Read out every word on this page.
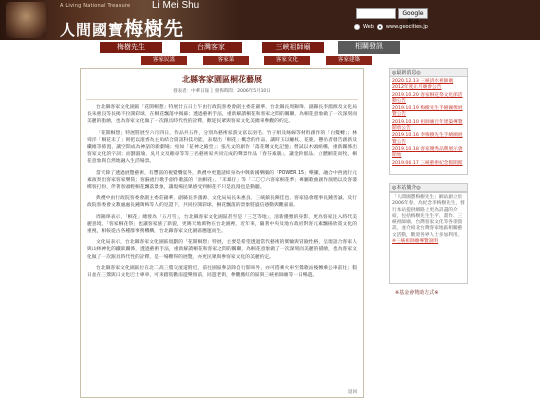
A Living National Treasure Li Mei Shu
人間國寶梅樹先
Google 搜尋
Web www.geocities.jp
梅樹先生	台灣客家	三峽祖師廟	相關發訊
客家民謠	客家菜	客家文化	客家建築
北縣客家園區桐花藝展
發表者：中華日報 │ 發佈時間：2006年5月10日

台北縣客家文化園區「花開桐想」特展廿五日上午由行政院客委會副主委莊錦華、台北縣長周錫瑋、副縣長李鴻源及文化局長朱惠良等長揭不拉開彩球，在桐花飄落中揭幕；透過藝術手法，重新解讀桐花和客家之間的關聯，為桐花意象做了一次深刻而美麗的脂繪，也為客家文化做了一次跟具時代性的詮釋，歡迎民眾與客家文化美總來參觀的約定。

「花開桐想」特展將展至六月四日，作品共五件，分別為藝術家游文富以羽毛、竹子組及絲線等材料創作的「白髮轉」；林舜洋「桐花未了」則把以滾香為主角結合資訊科技功能，表現出「桐花」概念的作品，讓時玉以蠟杖、花鹿、懸吊者發告創新及纖維等佈置，讓空間成為神話的新劇場；宛如「花神之殿堂」；張凡文的創作「落花曙文化記憶」營試以木頭組構，重新關係出客家文化的字詞；而劉淑瑜、吳月文及賴尋等等三名藝術家共同完成的聲景作品「春芬素鵑」，讓金鈴群品、立體網花而牧，桐花意象與自然地融入生活場景。

當天除了透過展覽藝術，有豐富的視覺饗宴外，典禮中更邀請結身為中興新國樂團的「POWER 15」樂團，融合中西流行元素演奏出客家客家樂筒；客蘇流行歌手創作歌謠的「油桐花」、「禾暴仔」等「二〇〇六客家桐花季」專屬歌曲創作演唱以及客婆綁客打扮，伴著客頭輕桐花飄落景象，讓現場民眾感受到桐花不只是浪漫也是動聽。

典禮中由行政院客委會副主委莊錦華、副縣長李鴻源、文化局局長朱惠良、三峽鎮長陳佳也、客家協會理事長鍾善誠、及行政院客委會文教處處長鍾萬梅等人的見證下，共同拉開彩球，桐花飄落的景象將盛信感動與觀嘉嘉。

周錫瑋表示，「桐花」總發為「五月雪」，台北縣客家文化園區甚至是「三芝等地」，清新優雅的身影，更為客家注入時代美麗意境，「客家桐花祭」也讓客家族了新貌，更賜天地萬物在台北園裡，近年來，隨著中央及地方政府對客元素飄揚欣賞文化的重視，相較從古各種群事務機構，台北縣客家文化園區應運而生。

文化局表示，台北縣客家文化園區規劃的「花開桐想」特展，主要是希望透過當代藝術的實驗與冒險性格，呈現語合客家人與山林神化的鐵欽關係，透過藝術手法，重新解讀桐花和客家之間的關聯，為桐花意象做了一次深刻而美麗的描繪，也為客家文化做了一次跟具時代性的詮釋，是一場難得的展覽，亦更民眾與參客家文化的美麗約定。

台北縣客家文化園區位在北二高三鶯交流道附近，前往園區參訪除自行開車外，亦可搭乘火車至鶯歌站後轉乘公車前往；假日並在三鶯與日文化巴士專車，可來踏賞歡南遊樂預前，同遊老街，參觀搬紅的區與三峽祖師廟等一日暢遊。

返回
◎最新消息◎
2020.12.13 三峽清水祖師廟 2012年度正月廟會公告
2019.10.20 客家桐花祭文化節活動公告
2019.10.19 梅樹先生手繪圖像展覽公告
2019.10.10 祖師廟百年建築導覽開放公告
2019.10.16 李梅樹先生手繪圖展覽公告
2019.10.18 客家優秀品牌展示會開始
2019.06.17 三峽藝術紀念館開館
◎本站簡介◎
「人間國寶梅樹先生」網站創立於2006年春，為紀念李梅樹先生，發行本站提供網路上更為詳盡的介紹，包括梅樹先生生平、畫作、三峽祖師廟、台灣客家文化等各項資訊，並介紹北台灣客家地區相關藝文活動，歡迎各界人士多加利用。
※三峽祖師廟導覽說明
※基金會贊助方式※
